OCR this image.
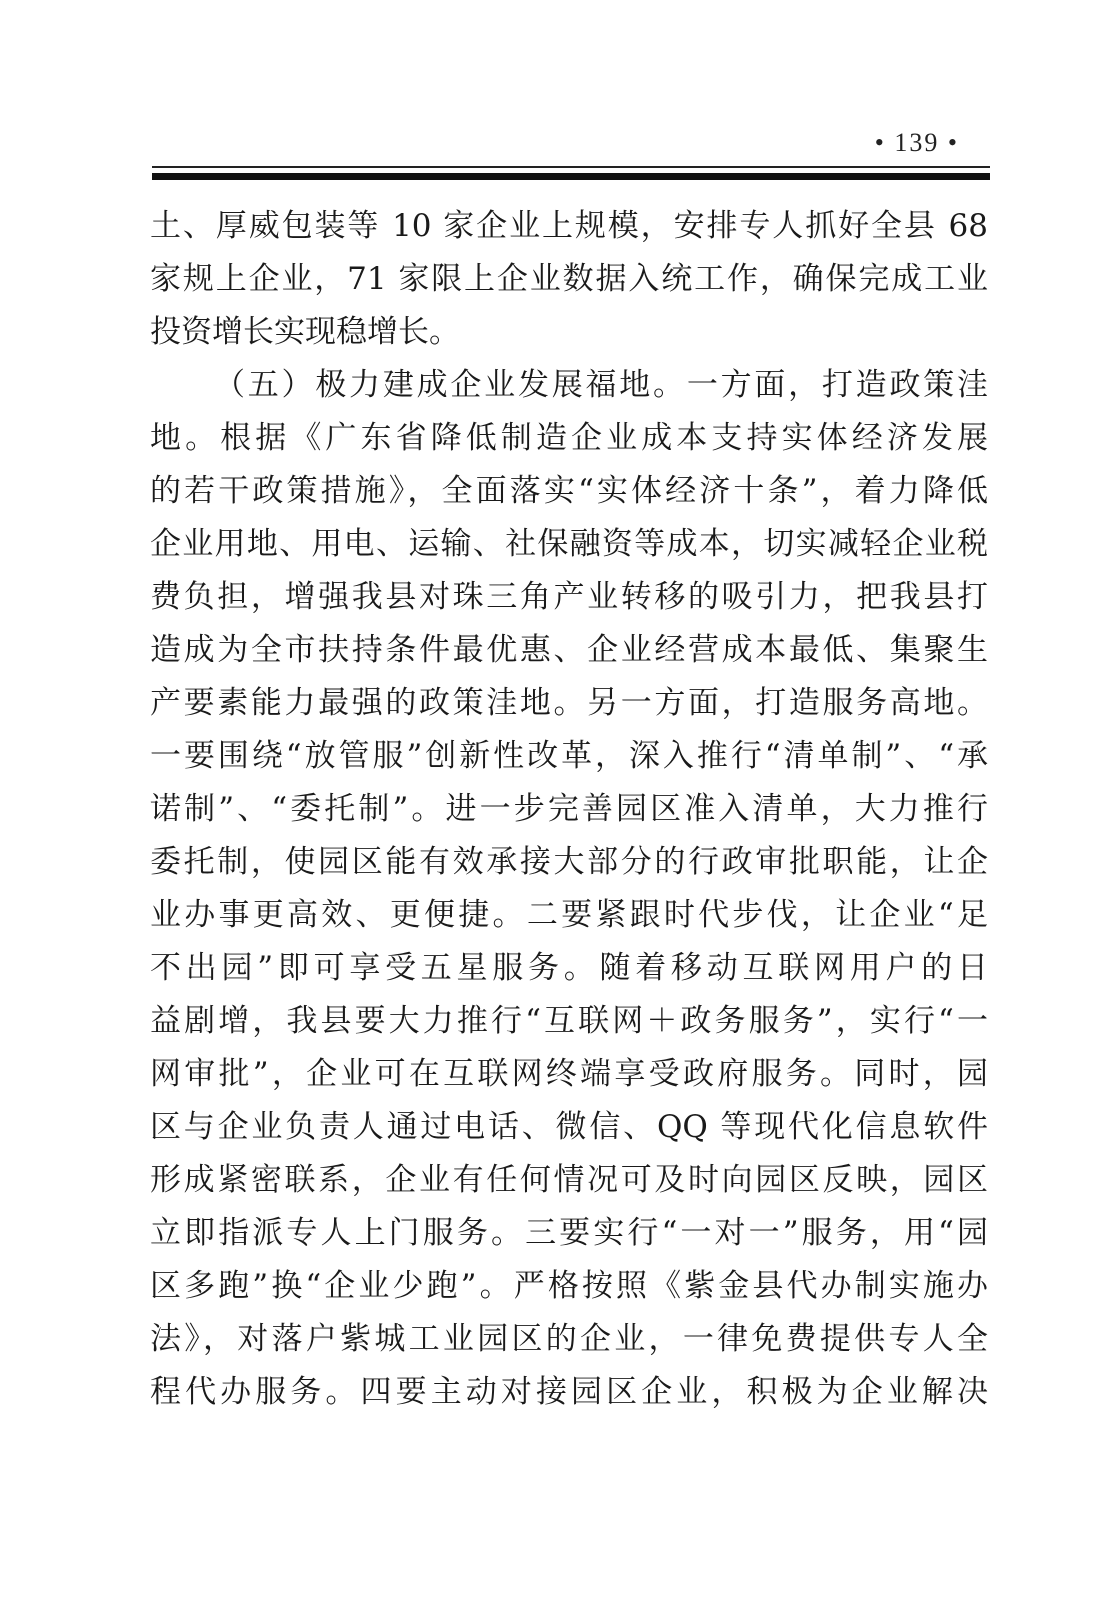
• 139 •
土、厚威包装等 10 家企业上规模，安排专人抓好全县 68
家规上企业，71 家限上企业数据入统工作，确保完成工业
投资增长实现稳增长。
（五）极力建成企业发展福地。一方面，打造政策洼
地。根据《广东省降低制造企业成本支持实体经济发展
的若干政策措施》，全面落实“实体经济十条”，着力降低
企业用地、用电、运输、社保融资等成本，切实减轻企业税
费负担，增强我县对珠三角产业转移的吸引力，把我县打
造成为全市扶持条件最优惠、企业经营成本最低、集聚生
产要素能力最强的政策洼地。另一方面，打造服务高地。
一要围绕“放管服”创新性改革，深入推行“清单制”、“承
诺制”、“委托制”。进一步完善园区准入清单，大力推行
委托制，使园区能有效承接大部分的行政审批职能，让企
业办事更高效、更便捷。二要紧跟时代步伐，让企业“足
不出园”即可享受五星服务。随着移动互联网用户的日
益剧增，我县要大力推行“互联网＋政务服务”，实行“一
网审批”，企业可在互联网终端享受政府服务。同时，园
区与企业负责人通过电话、微信、QQ 等现代化信息软件
形成紧密联系，企业有任何情况可及时向园区反映，园区
立即指派专人上门服务。三要实行“一对一”服务，用“园
区多跑”换“企业少跑”。严格按照《紫金县代办制实施办
法》，对落户紫城工业园区的企业，一律免费提供专人全
程代办服务。四要主动对接园区企业，积极为企业解决
